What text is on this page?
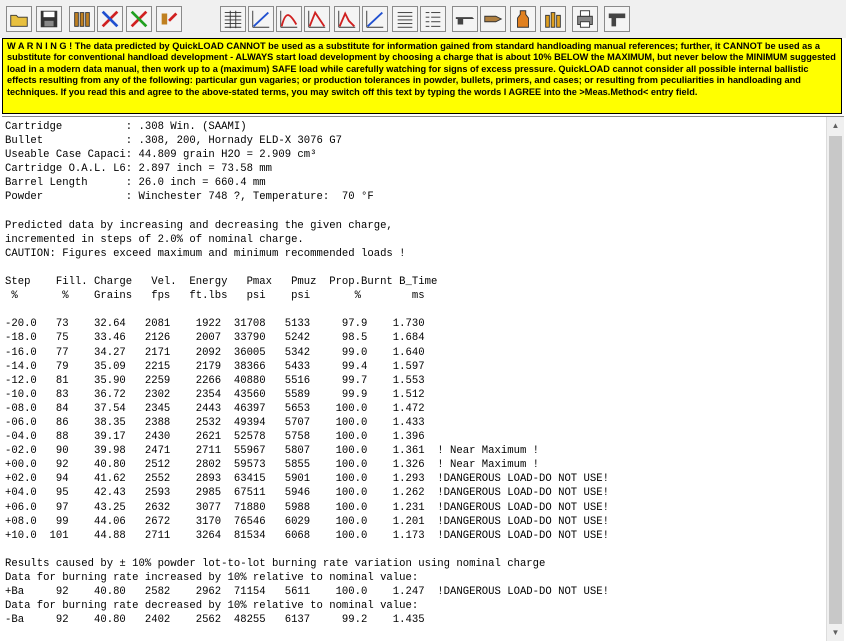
W A R N I N G ! The data predicted by QuickLOAD CANNOT be used as a substitute for information gained from standard handloading manual references; further, it CANNOT be used as a substitute for conventional handload development - ALWAYS start load development by choosing a charge that is about 10% BELOW the MAXIMUM, but never below the MINIMUM suggested load in a modern data manual, then work up to a (maximum) SAFE load while carefully watching for signs of excess pressure. QuickLOAD cannot consider all possible internal ballistic effects resulting from any of the following: particular gun vagaries; or production tolerances in powder, bullets, primers, and cases; or resulting from peculiarities in handloading and techniques. If you read this and agree to the above-stated terms, you may switch off this text by typing the words I AGREE into the >Meas.Method< entry field.
Cartridge          : .308 Win. (SAAMI)
Bullet             : .308, 200, Hornady ELD-X 3076 G7
Useable Case Capaci: 44.809 grain H2O = 2.909 cm³
Cartridge O.A.L. L6: 2.897 inch = 73.58 mm
Barrel Length      : 26.0 inch = 660.4 mm
Powder             : Winchester 748 ?, Temperature:  70 °F
Predicted data by increasing and decreasing the given charge,
incremented in steps of 2.0% of nominal charge.
CAUTION: Figures exceed maximum and minimum recommended loads !
Step    Fill. Charge   Vel.  Energy   Pmax   Pmuz  Prop.Burnt B_Time
%       %    Grains   fps   ft.lbs   psi    psi       %        ms
-20.0   73    32.64   2081    1922  31708   5133     97.9    1.730
-18.0   75    33.46   2126    2007  33790   5242     98.5    1.684
-16.0   77    34.27   2171    2092  36005   5342     99.0    1.640
-14.0   79    35.09   2215    2179  38366   5433     99.4    1.597
-12.0   81    35.90   2259    2266  40880   5516     99.7    1.553
-10.0   83    36.72   2302    2354  43560   5589     99.9    1.512
-08.0   84    37.54   2345    2443  46397   5653    100.0    1.472
-06.0   86    38.35   2388    2532  49394   5707    100.0    1.433
-04.0   88    39.17   2430    2621  52578   5758    100.0    1.396
-02.0   90    39.98   2471    2711  55967   5807    100.0    1.361  ! Near Maximum !
+00.0   92    40.80   2512    2802  59573   5855    100.0    1.326  ! Near Maximum !
+02.0   94    41.62   2552    2893  63415   5901    100.0    1.293  !DANGEROUS LOAD-DO NOT USE!
+04.0   95    42.43   2593    2985  67511   5946    100.0    1.262  !DANGEROUS LOAD-DO NOT USE!
+06.0   97    43.25   2632    3077  71880   5988    100.0    1.231  !DANGEROUS LOAD-DO NOT USE!
+08.0   99    44.06   2672    3170  76546   6029    100.0    1.201  !DANGEROUS LOAD-DO NOT USE!
+10.0  101    44.88   2711    3264  81534   6068    100.0    1.173  !DANGEROUS LOAD-DO NOT USE!
Results caused by ± 10% powder lot-to-lot burning rate variation using nominal charge
Data for burning rate increased by 10% relative to nominal value:
+Ba     92    40.80   2582    2962  71154   5611    100.0    1.247  !DANGEROUS LOAD-DO NOT USE!
Data for burning rate decreased by 10% relative to nominal value:
-Ba     92    40.80   2402    2562  48255   6137     99.2    1.435
▲
▼
